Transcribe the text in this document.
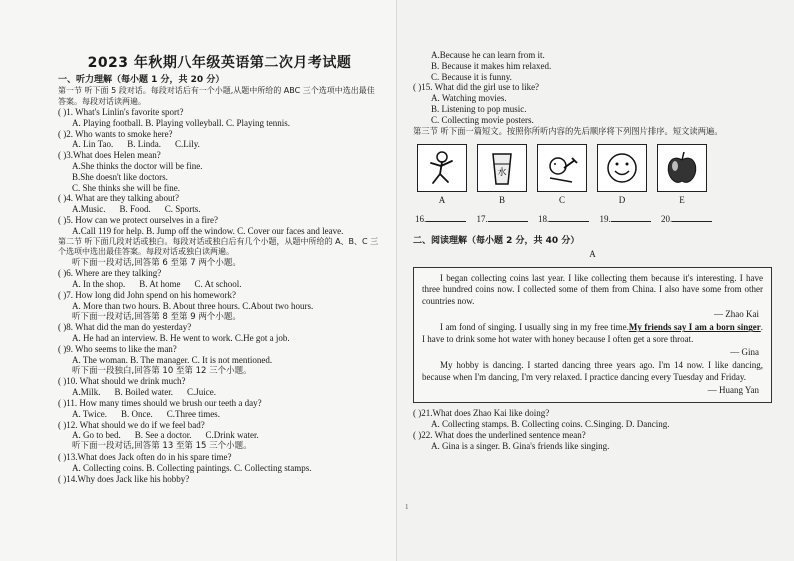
2023 年秋期八年级英语第二次月考试题

一、听力理解（每小题 1 分，共 20 分）

第一节 听下面 5 段对话。每段对话后有一个小题,从题中所给的 ABC 三个选项中选出最佳答案。每段对话读两遍。

( )1. What's Linlin's favorite sport?

A. Playing football. B. Playing volleyball. C. Playing tennis.

( )2. Who wants to smoke here?

A. Lin Tao. B. Linda. C.Lily.

( )3.What does Helen mean?

A.She thinks the doctor will be fine.

B.She doesn't like doctors.

C. She thinks she will be fine.

( )4. What are they talking about?

A.Music. B. Food. C. Sports.

( )5. How can we protect ourselves in a fire?

A.Call 119 for help. B. Jump off the window. C. Cover our faces and leave.

第二节 听下面几段对话或独白。每段对话或独白后有几个小题，从题中所给的 A、B、C 三个选项中选出最佳答案。每段对话或独白读两遍。

听下面一段对话,回答第 6 至第 7 两个小题。

( )6. Where are they talking?

A. In the shop. B. At home C. At school.

( )7. How long did John spend on his homework?

A. More than two hours. B. About three hours. C.About two hours.

听下面一段对话,回答第 8 至第 9 两个小题。

( )8. What did the man do yesterday?

A. He had an interview. B. He went to work. C.He got a job.

( )9. Who seems to like the man?

A. The woman. B. The manager. C. It is not mentioned.

听下面一段独白,回答第 10 至第 12 三个小题。

( )10. What should we drink much?

A.Milk. B. Boiled water. C.Juice.

( )11. How many times should we brush our teeth a day?

A. Twice. B. Once. C.Three times.

( )12. What should we do if we feel bad?

A. Go to bed. B. See a doctor. C.Drink water.

听下面一段对话,回答第 13 至第 15 三个小题。

( )13.What does Jack often do in his spare time?

A. Collecting coins. B. Collecting paintings. C. Collecting stamps.

( )14.Why does Jack like his hobby?

A.Because he can learn from it.

B. Because it makes him relaxed.

C. Because it is funny.

( )15. What did the girl use to like?

A. Watching movies.

B. Listening to pop music.

C. Collecting movie posters.

第三节 听下面一篇短文。按照你所听内容的先后顺序将下列图片排序。短文读两遍。

A
水
B	C	D	E
16.	17.	18.	19.	20.

二、阅读理解（每小题 2 分，共 40 分）

A

I began collecting coins last year. I like collecting them because it's interesting. I have three hundred coins now. I collected some of them from China. I also have some from other countries now.

— Zhao Kai

I am fond of singing. I usually sing in my free time.My friends say I am a born singer. I have to drink some hot water with honey because I often get a sore throat.

— Gina

My hobby is dancing. I started dancing three years ago. I'm 14 now. I like dancing, because when I'm dancing, I'm very relaxed. I practice dancing every Tuesday and Friday.

— Huang Yan

( )21.What does Zhao Kai like doing?

A. Collecting stamps. B. Collecting coins. C.Singing. D. Dancing.

( )22. What does the underlined sentence mean?

A. Gina is a singer. B. Gina's friends like singing.

1
